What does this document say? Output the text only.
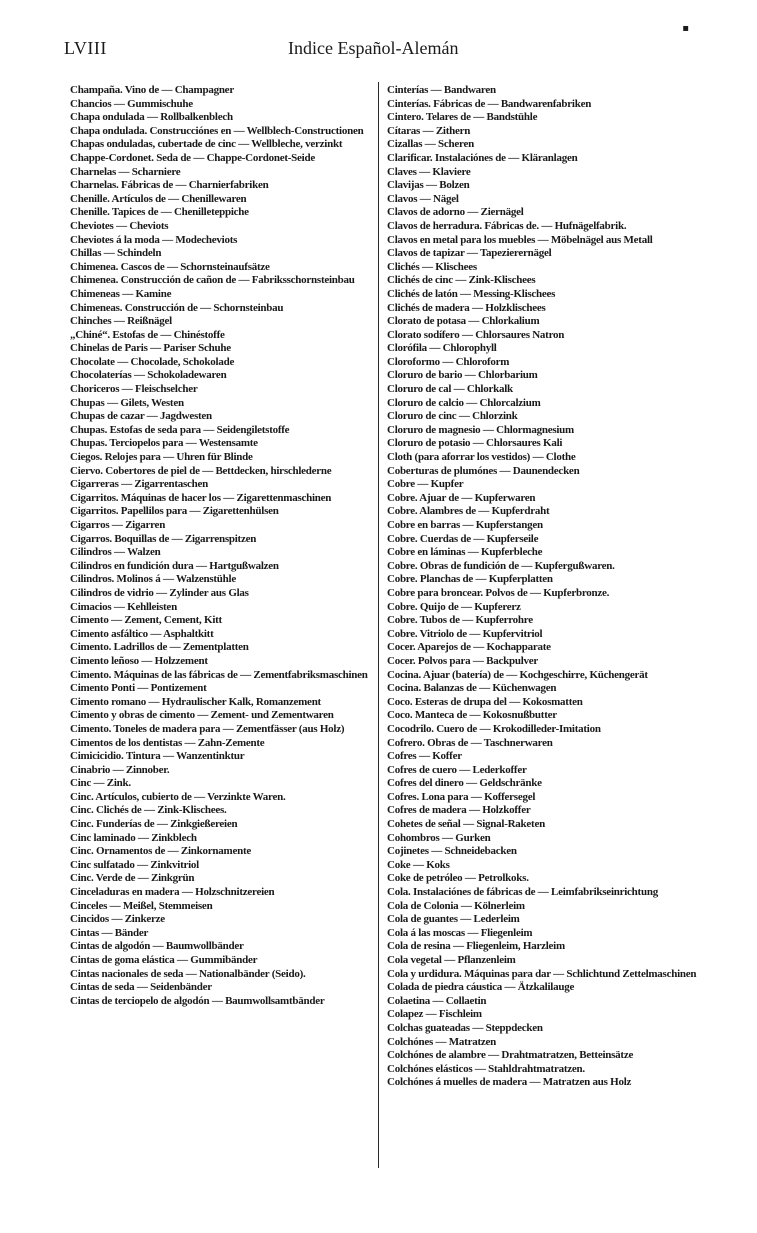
LVIII	Indice Español-Alemán
▪
Champaña. Vino de — Champagner
Chancios — Gummischuhe
Chapa ondulada — Rollbalkenblech
Chapa ondulada. Construcciónes en — Wellblech-Constructionen
Chapas onduladas, cubertade de cinc — Wellbleche, verzinkt
Chappe-Cordonet. Seda de — Chappe-Cordonet-Seide
Charnelas — Scharniere
Charnelas. Fábricas de — Charnierfabriken
Chenille. Artículos de — Chenillewaren
Chenille. Tapices de — Chenilleteppiche
Cheviotes — Cheviots
Cheviotes á la moda — Modecheviots
Chillas — Schindeln
Chimenea. Cascos de — Schornsteinaufsätze
Chimenea. Construcción de cañon de — Fabriksschornsteinbau
Chimeneas — Kamine
Chimeneas. Construcción de — Schornsteinbau
Chinches — Reißnägel
„Chiné“. Estofas de — Chinéstoffe
Chinelas de Paris — Pariser Schuhe
Chocolate — Chocolade, Schokolade
Chocolaterías — Schokoladewaren
Choriceros — Fleischselcher
Chupas — Gilets, Westen
Chupas de cazar — Jagdwesten
Chupas. Estofas de seda para — Seidengiletstoffe
Chupas. Terciopelos para — Westensamte
Ciegos. Relojes para — Uhren für Blinde
Ciervo. Cobertores de piel de — Bettdecken, hirschlederne
Cigarreras — Zigarrentaschen
Cigarritos. Máquinas de hacer los — Zigarettenmaschinen
Cigarritos. Papellilos para — Zigarettenhülsen
Cigarros — Zigarren
Cigarros. Boquillas de — Zigarrenspitzen
Cilindros — Walzen
Cilindros en fundición dura — Hartgußwalzen
Cilindros. Molinos á — Walzenstühle
Cilindros de vidrio — Zylinder aus Glas
Cimacios — Kehlleisten
Cimento — Zement, Cement, Kitt
Cimento asfáltico — Asphaltkitt
Cimento. Ladrillos de — Zementplatten
Cimento leñoso — Holzzement
Cimento. Máquinas de las fábricas de — Zementfabriksmaschinen
Cimento Ponti — Pontizement
Cimento romano — Hydraulischer Kalk, Romanzement
Cimento y obras de cimento — Zement- und Zementwaren
Cimento. Toneles de madera para — Zementfässer (aus Holz)
Cimentos de los dentistas — Zahn-Zemente
Cimicicidio. Tintura — Wanzentinktur
Cinabrio — Zinnober.
Cinc — Zink.
Cinc. Artículos, cubierto de — Verzinkte Waren.
Cinc. Clichés de — Zink-Klischees.
Cinc. Funderías de — Zinkgießereien
Cinc laminado — Zinkblech
Cinc. Ornamentos de — Zinkornamente
Cinc sulfatado — Zinkvitriol
Cinc. Verde de — Zinkgrün
Cinceladuras en madera — Holzschnitzereien
Cinceles — Meißel, Stemmeisen
Cincidos — Zinkerze
Cintas — Bänder
Cintas de algodón — Baumwollbänder
Cintas de goma elástica — Gummibänder
Cintas nacionales de seda — Nationalbänder (Seido).
Cintas de seda — Seidenbänder
Cintas de terciopelo de algodón — Baumwollsamtbänder
Cinterías — Bandwaren
Cinterías. Fábricas de — Bandwarenfabriken
Cintero. Telares de — Bandstühle
Cítaras — Zithern
Cizallas — Scheren
Clarificar. Instalaciónes de — Kläranlagen
Claves — Klaviere
Clavijas — Bolzen
Clavos — Nägel
Clavos de adorno — Ziernägel
Clavos de herradura. Fábricas de. — Hufnägelfabrik.
Clavos en metal para los muebles — Möbelnägel aus Metall
Clavos de tapizar — Tapezierernägel
Clichés — Klischees
Clichés de cinc — Zink-Klischees
Clichés de latón — Messing-Klischees
Clichés de madera — Holzklischees
Clorato de potasa — Chlorkalium
Clorato sodífero — Chlorsaures Natron
Clorófila — Chlorophyll
Cloroformo — Chloroform
Cloruro de bario — Chlorbarium
Cloruro de cal — Chlorkalk
Cloruro de calcio — Chlorcalzium
Cloruro de cinc — Chlorzink
Cloruro de magnesio — Chlormagnesium
Cloruro de potasio — Chlorsaures Kali
Cloth (para aforrar los vestidos) — Clothe
Coberturas de plumónes — Daunendecken
Cobre — Kupfer
Cobre. Ajuar de — Kupferwaren
Cobre. Alambres de — Kupferdraht
Cobre en barras — Kupferstangen
Cobre. Cuerdas de — Kupferseile
Cobre en láminas — Kupferbleche
Cobre. Obras de fundición de — Kupfergußwaren.
Cobre. Planchas de — Kupferplatten
Cobre para broncear. Polvos de — Kupferbronze.
Cobre. Quijo de — Kupfererz
Cobre. Tubos de — Kupferrohre
Cobre. Vitriolo de — Kupfervitriol
Cocer. Aparejos de — Kochapparate
Cocer. Polvos para — Backpulver
Cocina. Ajuar (batería) de — Kochgeschirre, Küchengerät
Cocina. Balanzas de — Küchenwagen
Coco. Esteras de drupa del — Kokosmatten
Coco. Manteca de — Kokosnußbutter
Cocodrilo. Cuero de — Krokodilleder-Imitation
Cofrero. Obras de — Taschnerwaren
Cofres — Koffer
Cofres de cuero — Lederkoffer
Cofres del dinero — Geldschränke
Cofres. Lona para — Koffersegel
Cofres de madera — Holzkoffer
Cohetes de señal — Signal-Raketen
Cohombros — Gurken
Cojinetes — Schneidebacken
Coke — Koks
Coke de petróleo — Petrolkoks.
Cola. Instalaciónes de fábricas de — Leimfabrikseinrichtung
Cola de Colonia — Kölnerleim
Cola de guantes — Lederleim
Cola á las moscas — Fliegenleim
Cola de resina — Fliegenleim, Harzleim
Cola vegetal — Pflanzenleim
Cola y urdidura. Máquinas para dar — Schlichtund Zettelmaschinen
Colada de piedra cáustica — Ätzkalilauge
Colaetina — Collaetin
Colapez — Fischleim
Colchas guateadas — Steppdecken
Colchónes — Matratzen
Colchónes de alambre — Drahtmatratzen, Betteinsätze
Colchónes elásticos — Stahldrahtmatratzen.
Colchónes á muelles de madera — Matratzen aus Holz
